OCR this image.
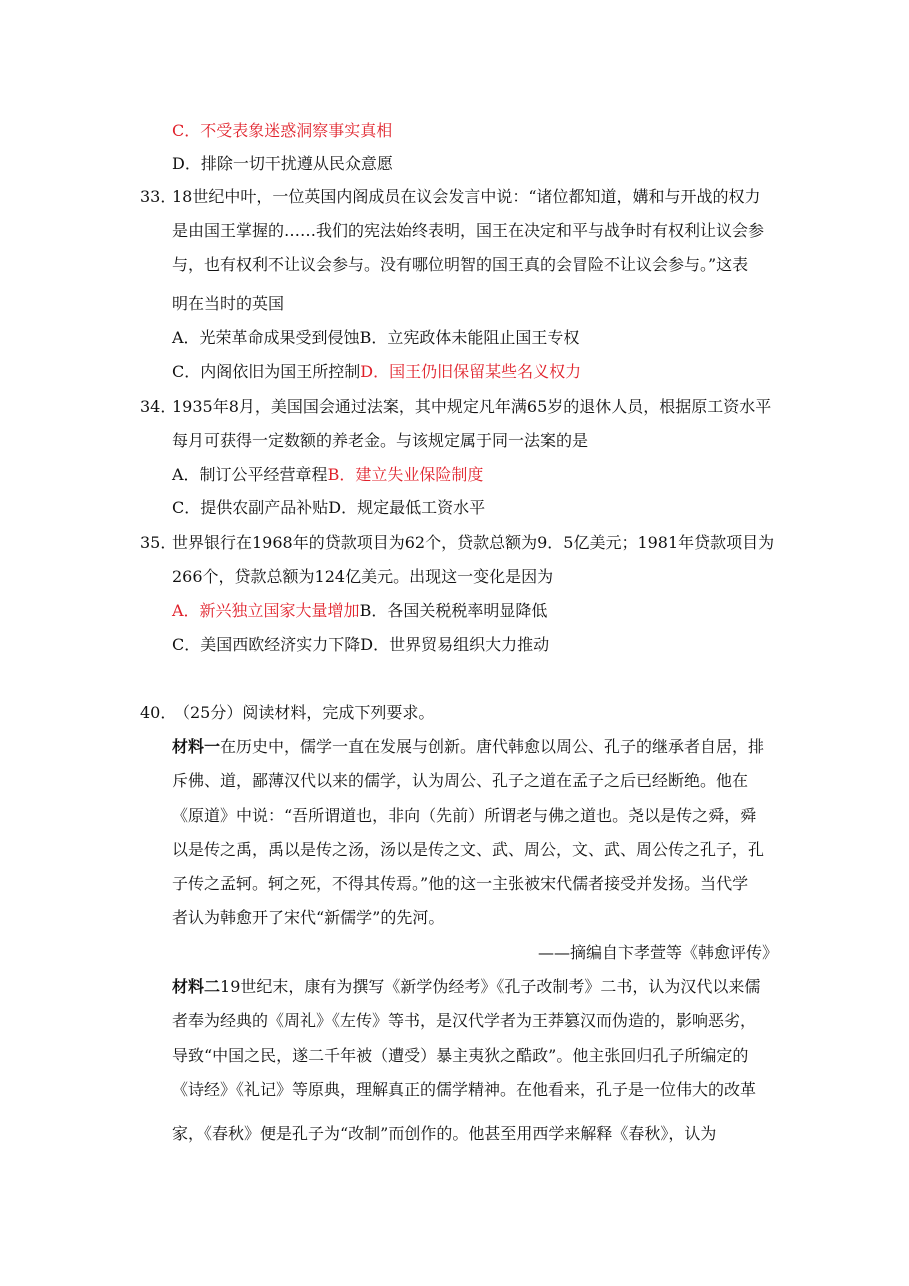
C．不受表象迷惑洞察事实真相
D．排除一切干扰遵从民众意愿
33．
18世纪中叶，一位英国内阁成员在议会发言中说：“诸位都知道，媾和与开战的权力
是由国王掌握的……我们的宪法始终表明，国王在决定和平与战争时有权利让议会参
与，也有权利不让议会参与。没有哪位明智的国王真的会冒险不让议会参与。”这表
明在当时的英国
A．光荣革命成果受到侵蚀B．立宪政体未能阻止国王专权
C．内阁依旧为国王所控制D．国王仍旧保留某些名义权力
34．
1935年8月，美国国会通过法案，其中规定凡年满65岁的退休人员，根据原工资水平
每月可获得一定数额的养老金。与该规定属于同一法案的是
A．制订公平经营章程B．建立失业保险制度
C．提供农副产品补贴D．规定最低工资水平
35．
世界银行在1968年的贷款项目为62个，贷款总额为9．5亿美元；1981年贷款项目为
266个，贷款总额为124亿美元。出现这一变化是因为
A．新兴独立国家大量增加B．各国关税税率明显降低
C．美国西欧经济实力下降D．世界贸易组织大力推动
40．
（25分）阅读材料，完成下列要求。
材料一在历史中，儒学一直在发展与创新。唐代韩愈以周公、孔子的继承者自居，排
斥佛、道，鄙薄汉代以来的儒学，认为周公、孔子之道在孟子之后已经断绝。他在
《原道》中说：“吾所谓道也，非向（先前）所谓老与佛之道也。尧以是传之舜，舜
以是传之禹，禹以是传之汤，汤以是传之文、武、周公，文、武、周公传之孔子，孔
子传之孟轲。轲之死，不得其传焉。”他的这一主张被宋代儒者接受并发扬。当代学
者认为韩愈开了宋代“新儒学”的先河。
——摘编自卞孝萱等《韩愈评传》
材料二19世纪末，康有为撰写《新学伪经考》《孔子改制考》二书，认为汉代以来儒
者奉为经典的《周礼》《左传》等书，是汉代学者为王莽篡汉而伪造的，影响恶劣，
导致“中国之民，遂二千年被（遭受）暴主夷狄之酷政”。他主张回归孔子所编定的
《诗经》《礼记》等原典，理解真正的儒学精神。在他看来，孔子是一位伟大的改革
家，《春秋》便是孔子为“改制”而创作的。他甚至用西学来解释《春秋》，认为
